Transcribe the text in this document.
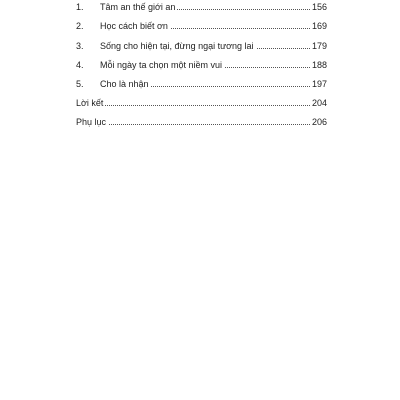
1. Tâm an thế giới an	156
2. Học cách biết ơn	169
3. Sống cho hiện tại, đừng ngại tương lai	179
4. Mỗi ngày ta chọn một niềm vui	188
5. Cho là nhận	197
Lời kết	204
Phụ lục	206
